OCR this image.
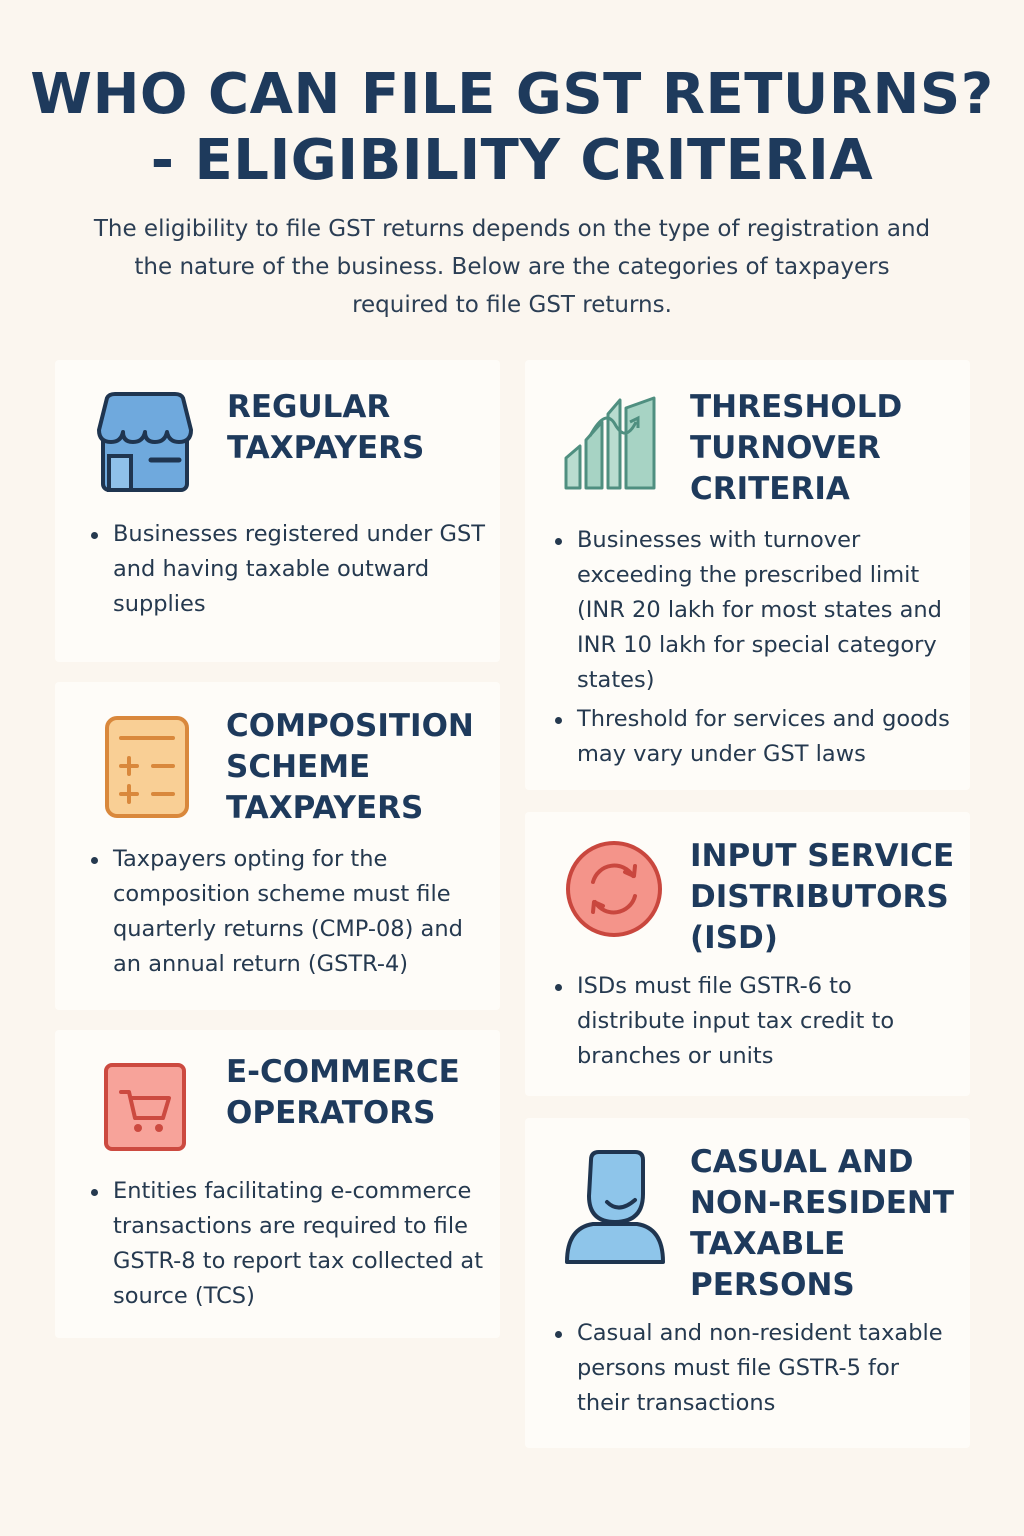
WHO CAN FILE GST RETURNS?
- ELIGIBILITY CRITERIA

The eligibility to file GST returns depends on the type of registration and the nature of the business. Below are the categories of taxpayers required to file GST returns.

REGULAR
TAXPAYERS
Businesses registered under GST and having taxable outward supplies
THRESHOLD
TURNOVER
CRITERIA
Businesses with turnover exceeding the prescribed limit (INR 20 lakh for most states and INR 10 lakh for special category states)
Threshold for services and goods may vary under GST laws
COMPOSITION
SCHEME
TAXPAYERS
Taxpayers opting for the composition scheme must file quarterly returns (CMP-08) and an annual return (GSTR-4)
INPUT SERVICE
DISTRIBUTORS
(ISD)
ISDs must file GSTR-6 to distribute input tax credit to branches or units
E-COMMERCE
OPERATORS
Entities facilitating e-commerce transactions are required to file GSTR-8 to report tax collected at source (TCS)
CASUAL AND
NON-RESIDENT
TAXABLE
PERSONS
Casual and non-resident taxable persons must file GSTR-5 for their transactions
